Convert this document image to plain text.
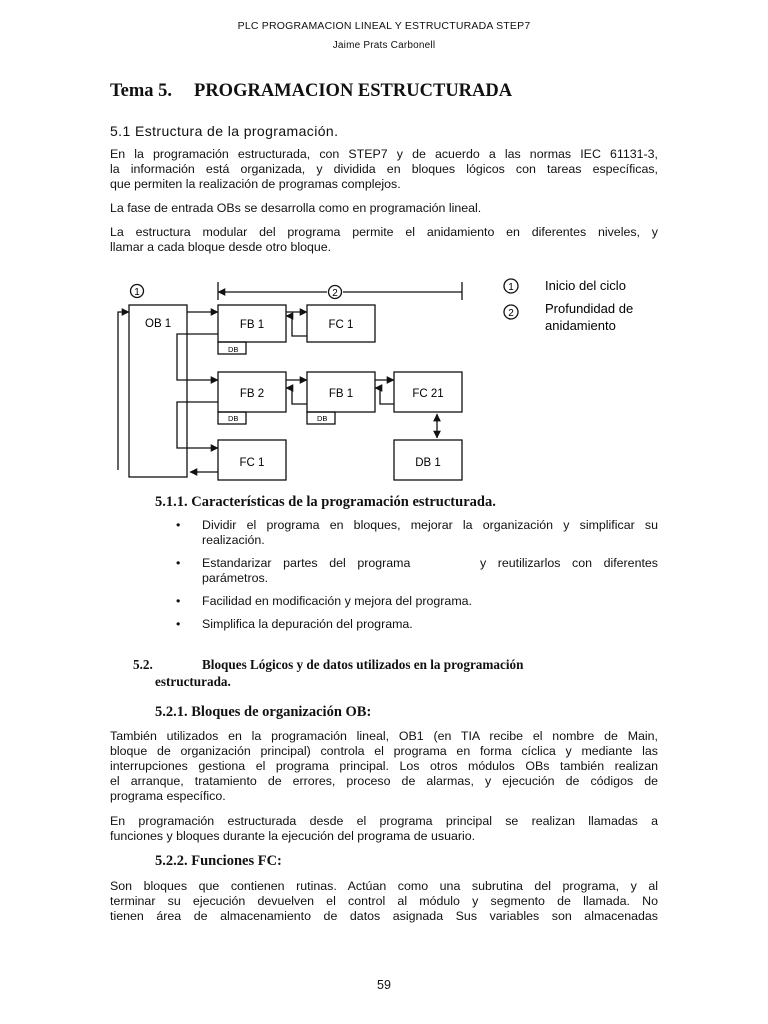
PLC PROGRAMACION LINEAL Y ESTRUCTURADA STEP7
Jaime Prats Carbonell
Tema 5. PROGRAMACION ESTRUCTURADA
5.1 Estructura de la programación.
En la programación estructurada, con STEP7 y de acuerdo a las normas IEC 61131-3,
la información está organizada, y dividida en bloques lógicos con tareas específicas,
que permiten la realización de programas complejos.
La fase de entrada OBs se desarrolla como en programación lineal.
La estructura modular del programa permite el anidamiento en diferentes niveles, y
llamar a cada bloque desde otro bloque.
1	2
OB 1	FB 1
DB
FC 1
FB 2
DB
FB 1
DB
FC 21
FC 1	DB 1
1
2
Inicio del ciclo
Profundidad de
anidamiento
5.1.1. Características de la programación estructurada.
• Dividir el programa en bloques, mejorar la organización y simplificar su
realización.
• Estandarizar partes del programa      y reutilizarlos con diferentes
parámetros.
• Facilidad en modificación y mejora del programa.
• Simplifica la depuración del programa.
5.2.	Bloques Lógicos y de datos utilizados en la programación
estructurada.
5.2.1. Bloques de organización OB:
También utilizados en la programación lineal, OB1 (en TIA recibe el nombre de Main,
bloque de organización principal) controla el programa en forma cíclica y mediante las
interrupciones gestiona el programa principal. Los otros módulos OBs también realizan
el arranque, tratamiento de errores, proceso de alarmas, y ejecución de códigos de
programa específico.
En programación estructurada desde el programa principal se realizan llamadas a
funciones y bloques durante la ejecución del programa de usuario.
5.2.2. Funciones FC:
Son bloques que contienen rutinas. Actúan como una subrutina del programa, y al
terminar su ejecución devuelven el control al módulo y segmento de llamada. No
tienen área de almacenamiento de datos asignada Sus variables son almacenadas
59
